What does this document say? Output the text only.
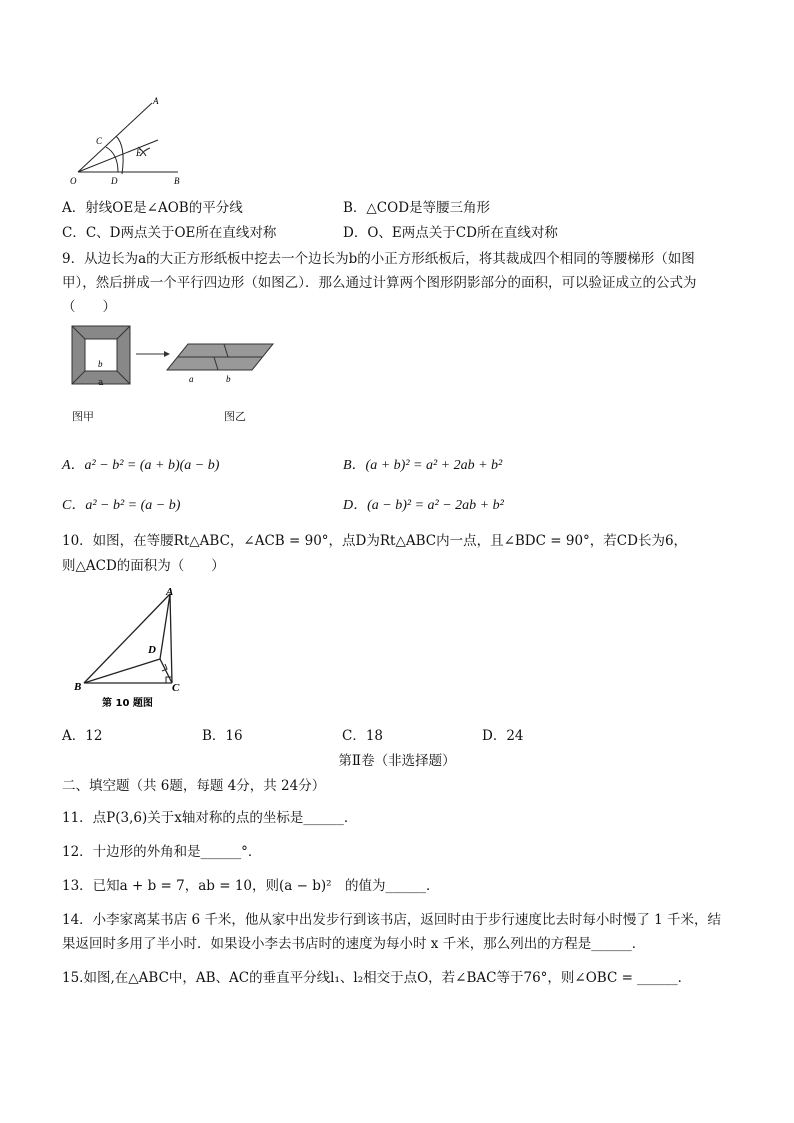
A
B
C
D
E
O
A．射线OE是∠AOB的平分线	B．△COD是等腰三角形
C．C、D两点关于OE所在直线对称	D．O、E两点关于CD所在直线对称
9．从边长为a的大正方形纸板中挖去一个边长为b的小正方形纸板后，将其裁成四个相同的等腰梯形（如图
甲），然后拼成一个平行四边形（如图乙）．那么通过计算两个图形阴影部分的面积，可以验证成立的公式为
（　　）
b
a	b
a
图甲	图乙
A．a² − b² = (a + b)(a − b)	B．(a + b)² = a² + 2ab + b²
C．a² − b² = (a − b)	D．(a − b)² = a² − 2ab + b²
10．如图，在等腰Rt△ABC，∠ACB = 90°，点D为Rt△ABC内一点，且∠BDC = 90°，若CD长为6，
则△ACD的面积为（　　）
A
B	C
D
第 10 题图
A．12	B．16	C．18	D．24
第Ⅱ卷（非选择题）
二、填空题（共 6题，每题 4分，共 24分）
11．点P(3,6)关于x轴对称的点的坐标是______．
12．十边形的外角和是______°．
13．已知a + b = 7，ab = 10，则(a − b)²　的值为______．
14．小李家离某书店 6 千米，他从家中出发步行到该书店，返回时由于步行速度比去时每小时慢了 1 千米，结
果返回时多用了半小时．如果设小李去书店时的速度为每小时 x 千米，那么列出的方程是______．
15.如图,在△ABC中，AB、AC的垂直平分线l₁、l₂相交于点O，若∠BAC等于76°，则∠OBC = ______．
